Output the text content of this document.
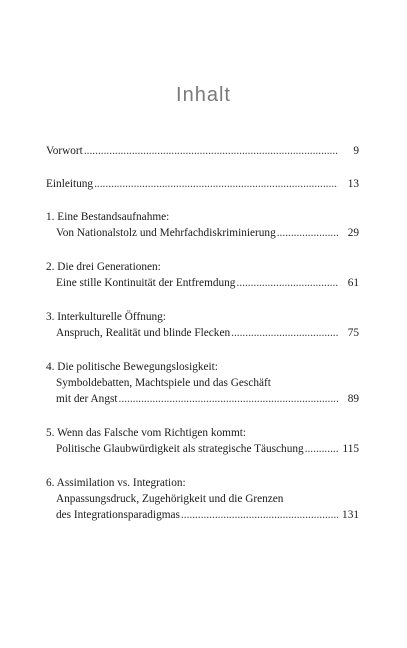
Inhalt
Vorwort .....	9
Einleitung .....	13
1. Eine Bestandsaufnahme:
Von Nationalstolz und Mehrfachdiskriminierung .....	29
2. Die drei Generationen:
Eine stille Kontinuität der Entfremdung .....	61
3. Interkulturelle Öffnung:
Anspruch, Realität und blinde Flecken .....	75
4. Die politische Bewegungslosigkeit:
Symboldebatten, Machtspiele und das Geschäft
mit der Angst .....	89
5. Wenn das Falsche vom Richtigen kommt:
Politische Glaubwürdigkeit als strategische Täuschung .....	115
6. Assimilation vs. Integration:
Anpassungsdruck, Zugehörigkeit und die Grenzen
des Integrationsparadigmas .....	131
